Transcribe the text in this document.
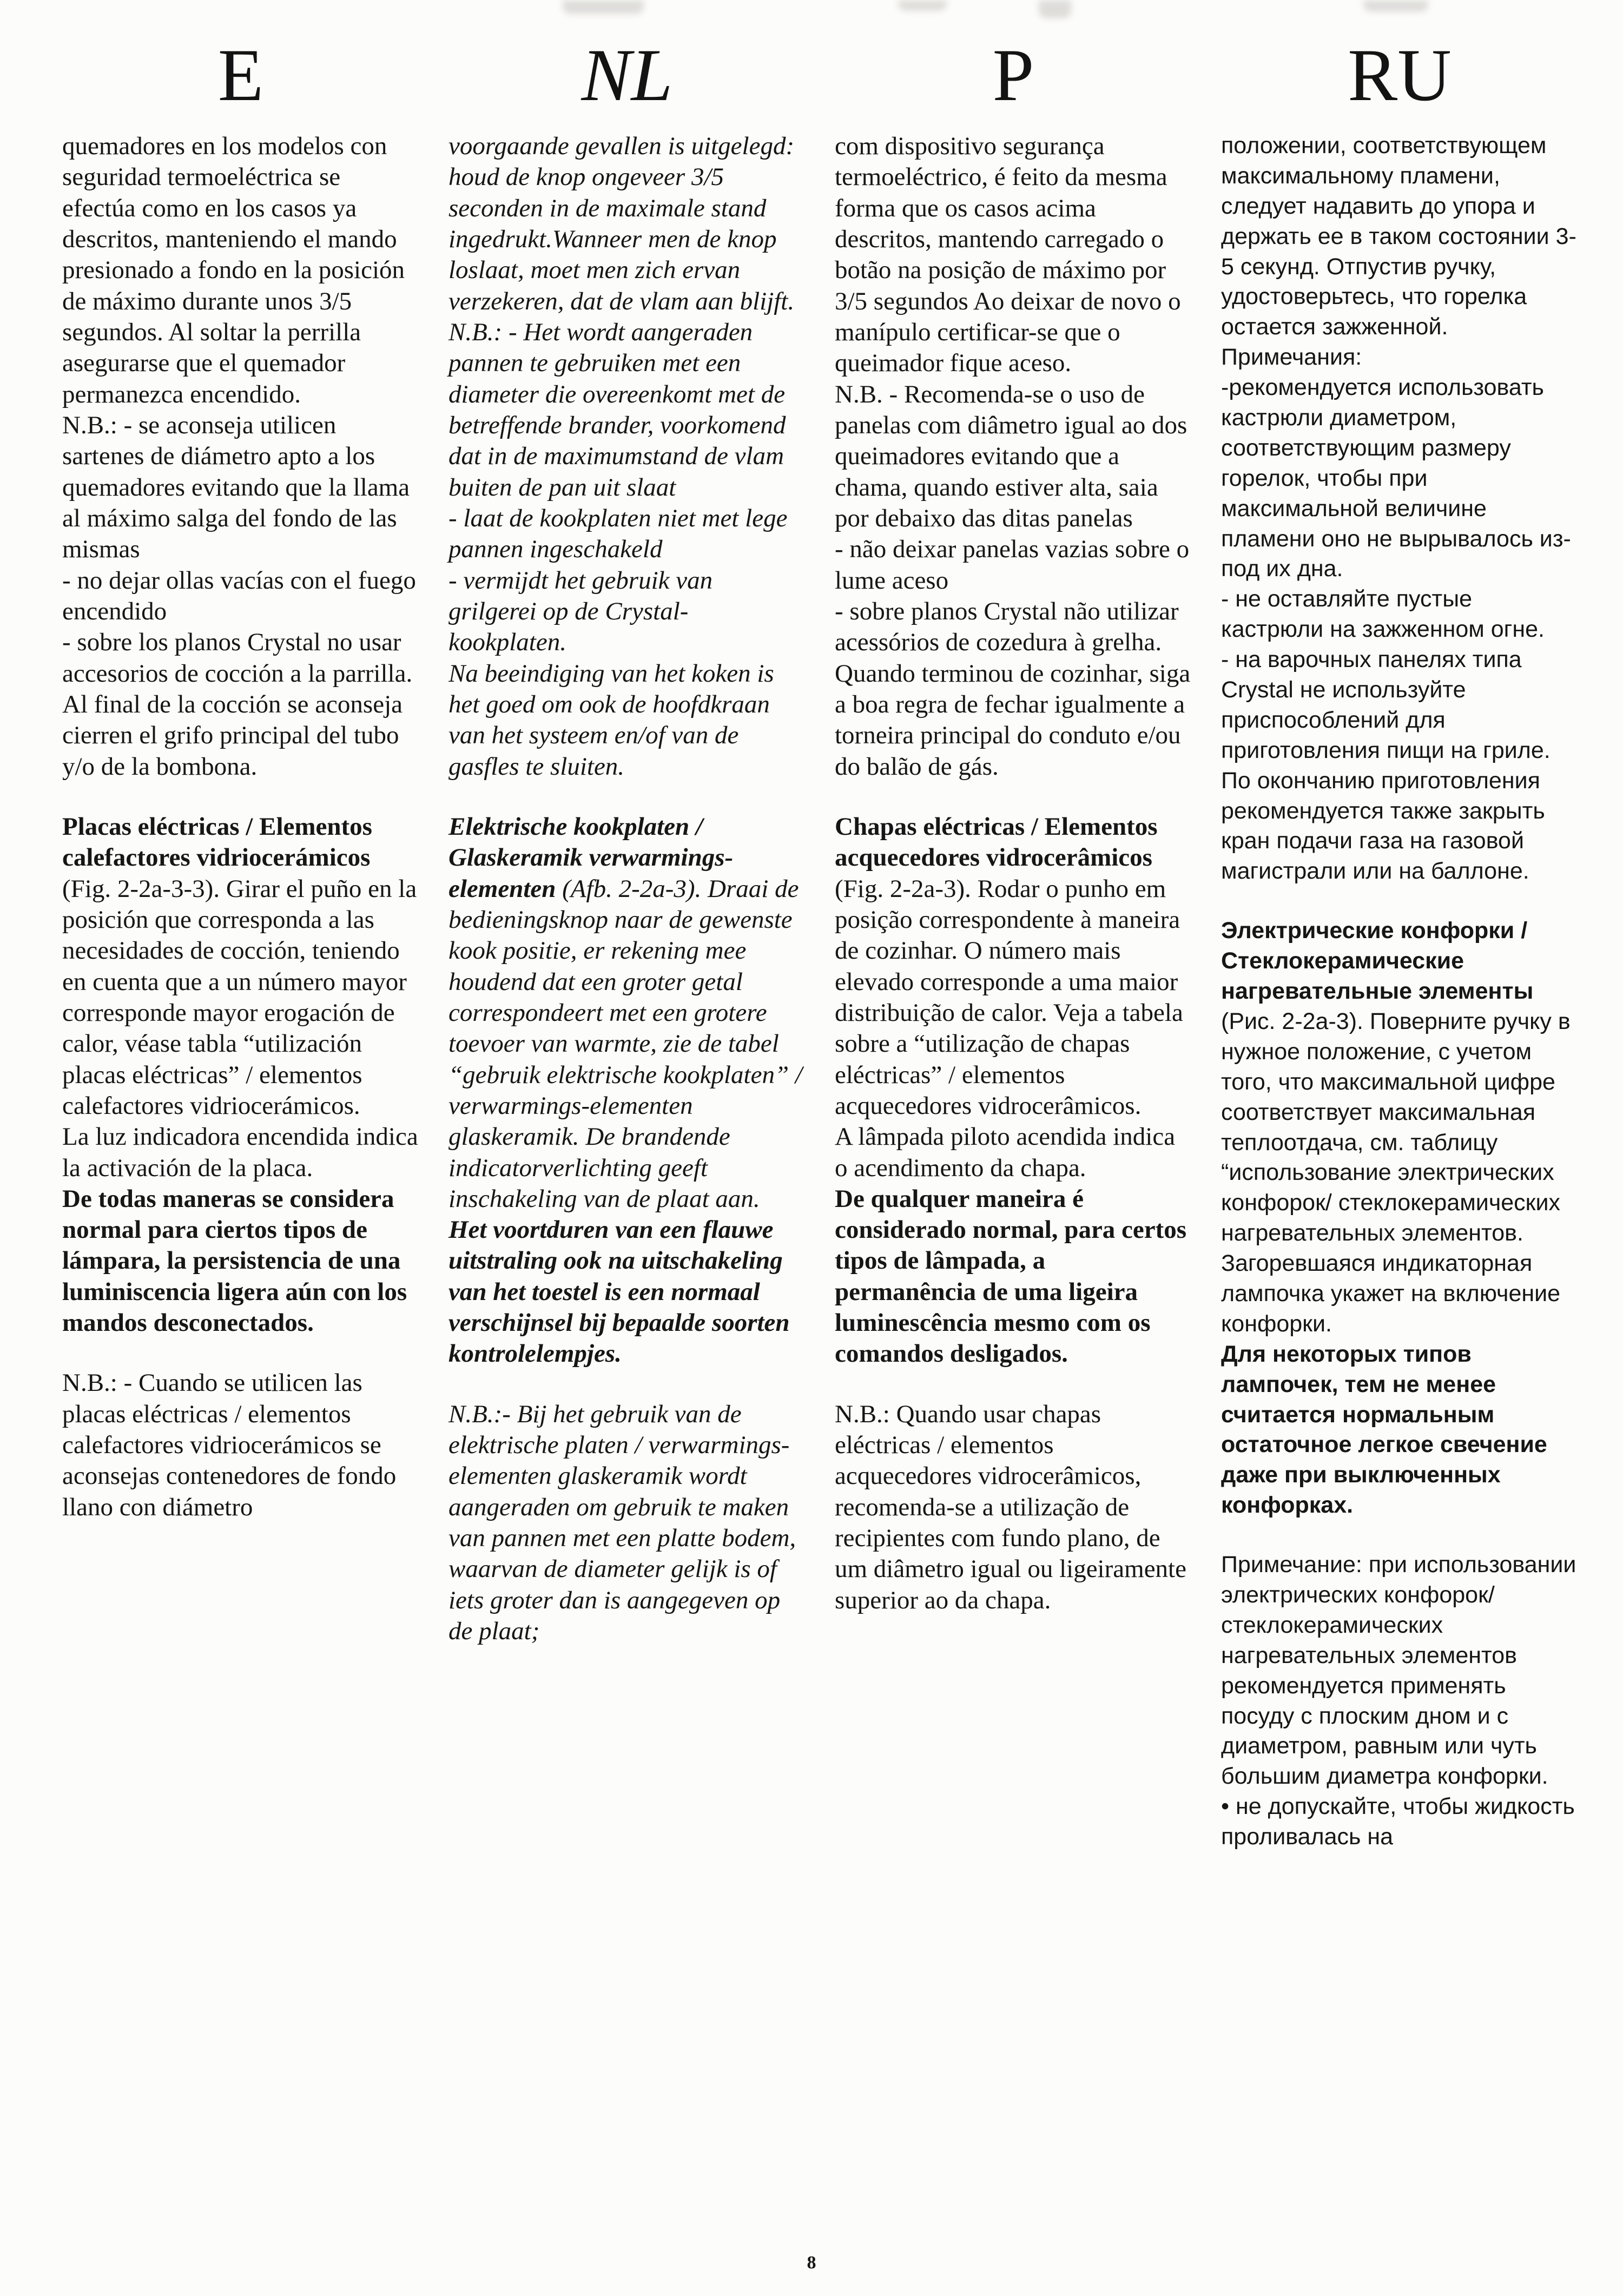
E

quemadores en los modelos con seguridad termoeléctrica se efectúa como en los casos ya descritos, manteniendo el mando presionado a fondo en la posición de máximo durante unos 3/5 segundos. Al soltar la perrilla asegurarse que el quemador permanezca encendido.

N.B.: - se aconseja utilicen sartenes de diámetro apto a los quemadores evitando que la llama al máximo salga del fondo de las mismas

- no dejar ollas vacías con el fuego encendido

- sobre los planos Crystal no usar accesorios de cocción a la parrilla.

Al final de la cocción se aconseja cierren el grifo principal del tubo y/o de la bombona.

Placas eléctricas / Elementos calefactores vidriocerámicos (Fig. 2-2a-3-3). Girar el puño en la posición que corresponda a las necesidades de cocción, teniendo en cuenta que a un número mayor corresponde mayor erogación de calor, véase tabla “utilización placas eléctricas” / elementos calefactores vidriocerámicos.

La luz indicadora encendida indica la activación de la placa.

De todas maneras se considera normal para ciertos tipos de lámpara, la persistencia de una luminiscencia ligera aún con los mandos desconectados.

N.B.: - Cuando se utilicen las placas eléctricas / elementos calefactores vidriocerámicos se aconsejas contenedores de fondo llano con diámetro

NL

voorgaande gevallen is uitgelegd: houd de knop ongeveer 3/5 seconden in de maximale stand ingedrukt.Wanneer men de knop loslaat, moet men zich ervan verzekeren, dat de vlam aan blijft.

N.B.: - Het wordt aangeraden pannen te gebruiken met een diameter die overeenkomt met de betreffende brander, voorkomend dat in de maximumstand de vlam buiten de pan uit slaat

- laat de kookplaten niet met lege pannen ingeschakeld

- vermijdt het gebruik van grilgerei op de Crystal-kookplaten.

Na beeindiging van het koken is het goed om ook de hoofdkraan van het systeem en/of van de gasfles te sluiten.

Elektrische kookplaten / Glaskeramik verwarmings-elementen (Afb. 2-2a-3). Draai de bedieningsknop naar de gewenste kook positie, er rekening mee houdend dat een groter getal correspondeert met een grotere toevoer van warmte, zie de tabel “gebruik elektrische kookplaten” / verwarmings-elementen glaskeramik. De brandende indicatorverlichting geeft inschakeling van de plaat aan.

Het voortduren van een flauwe uitstraling ook na uitschakeling van het toestel is een normaal verschijnsel bij bepaalde soorten kontrolelempjes.

N.B.:- Bij het gebruik van de elektrische platen / verwarmings-elementen glaskeramik wordt aangeraden om gebruik te maken van pannen met een platte bodem, waarvan de diameter gelijk is of iets groter dan is aangegeven op de plaat;

P

com dispositivo segurança termoeléctrico, é feito da mesma forma que os casos acima descritos, mantendo carregado o botão na posição de máximo por 3/5 segundos Ao deixar de novo o manípulo certificar-se que o queimador fique aceso.

N.B. - Recomenda-se o uso de panelas com diâmetro igual ao dos queimadores evitando que a chama, quando estiver alta, saia por debaixo das ditas panelas

- não deixar panelas vazias sobre o lume aceso

- sobre planos Crystal não utilizar acessórios de cozedura à grelha.

Quando terminou de cozinhar, siga a boa regra de fechar igualmente a torneira principal do conduto e/ou do balão de gás.

Chapas eléctricas / Elementos acquecedores vidrocerâmicos (Fig. 2-2a-3). Rodar o punho em posição correspondente à maneira de cozinhar. O número mais elevado corresponde a uma maior distribuição de calor. Veja a tabela sobre a “utilização de chapas eléctricas” / elementos acquecedores vidrocerâmicos.

A lâmpada piloto acendida indica o acendimento da chapa.

De qualquer maneira é considerado normal, para certos tipos de lâmpada, a permanência de uma ligeira luminescência mesmo com os comandos desligados.

N.B.: Quando usar chapas eléctricas / elementos acquecedores vidrocerâmicos, recomenda-se a utilização de recipientes com fundo plano, de um diâmetro igual ou ligeiramente superior ao da chapa.

RU

положении, соответствующем максимальному пламени, следует надавить до упора и держать ее в таком состоянии 3-5 секунд. Отпустив ручку, удостоверьтесь, что горелка остается зажженной.

Примечания:

-рекомендуется использовать кастрюли диаметром, соответствующим размеру горелок, чтобы при максимальной величине пламени оно не вырывалось из-под их дна.

- не оставляйте пустые кастрюли на зажженном огне.

- на варочных панелях типа Crystal не используйте приспособлений для приготовления пищи на гриле.

По окончанию приготовления рекомендуется также закрыть кран подачи газа на газовой магистрали или на баллоне.

Электрические конфорки / Стеклокерамические нагревательные элементы (Рис. 2-2а-3). Поверните ручку в нужное положение, с учетом того, что максимальной цифре соответствует максимальная теплоотдача, см. таблицу “использование электрических конфорок/ стеклокерамических нагревательных элементов. Загоревшаяся индикаторная лампочка укажет на включение конфорки.

Для некоторых типов лампочек, тем не менее считается нормальным остаточное легкое свечение даже при выключенных конфорках.

Примечание: при использовании электрических конфорок/ стеклокерамических нагревательных элементов рекомендуется применять посуду с плоским дном и с диаметром, равным или чуть большим диаметра конфорки.

• не допускайте, чтобы жидкость проливалась на

8
